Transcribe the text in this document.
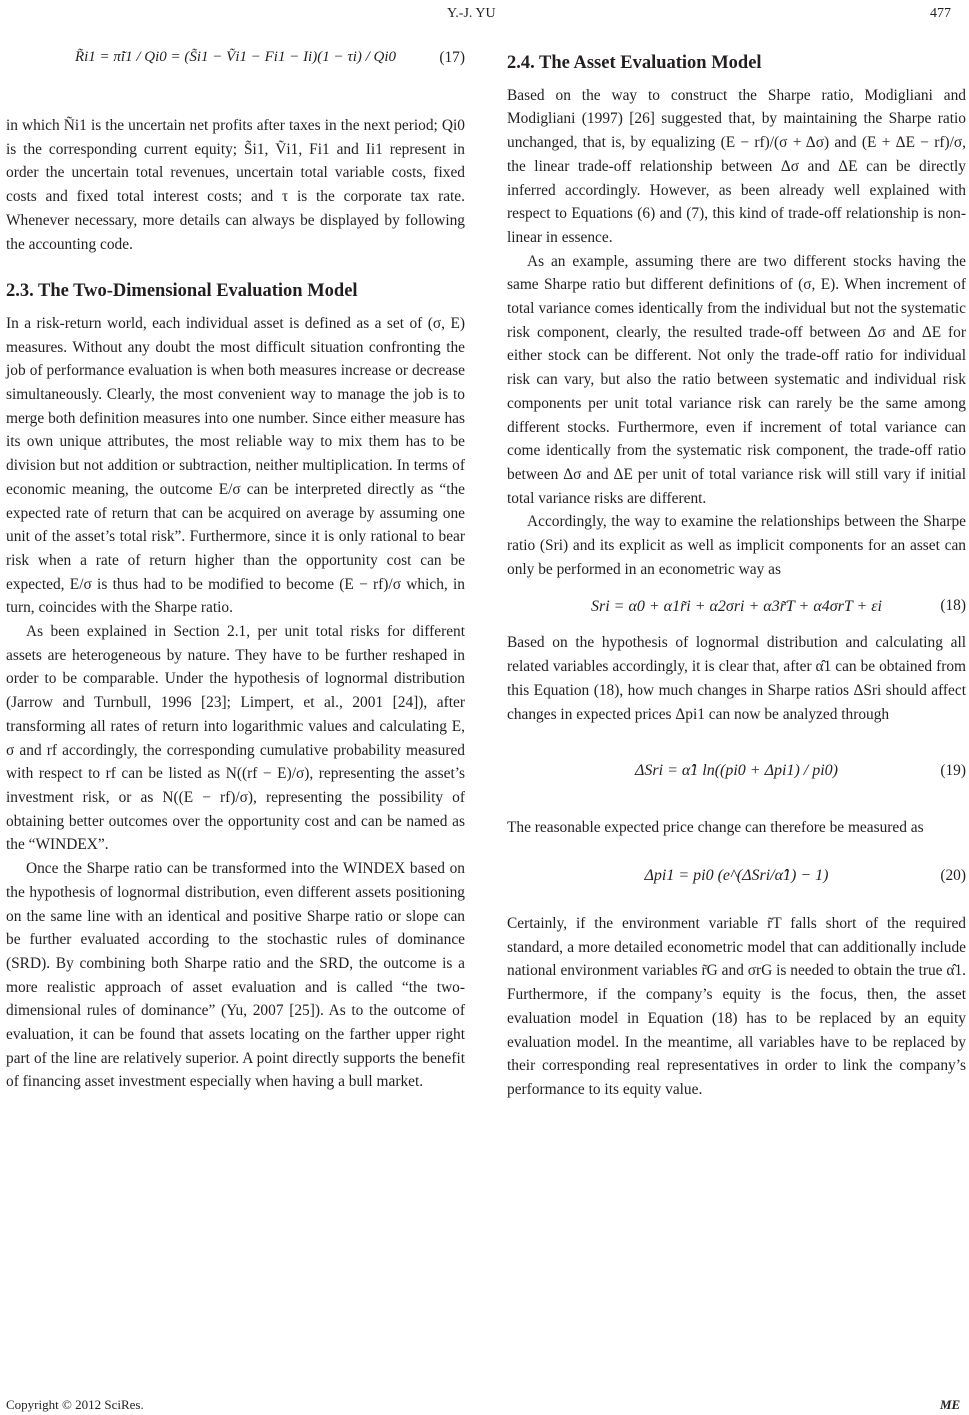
Y.-J. YU	477
R̃i1 = π̃i1 / Qi0 = (S̃i1 − Ṽi1 − Fi1 − Ii)(1 − τi) / Qi0	(17)

in which Ñi1 is the uncertain net profits after taxes in the next period; Qi0 is the corresponding current equity; S̃i1, Ṽi1, Fi1 and Ii1 represent in order the uncertain total revenues, uncertain total variable costs, fixed costs and fixed total interest costs; and τ is the corporate tax rate. Whenever necessary, more details can always be displayed by following the accounting code.

2.3. The Two-Dimensional Evaluation Model

In a risk-return world, each individual asset is defined as a set of (σ, E) measures. Without any doubt the most difficult situation confronting the job of performance evaluation is when both measures increase or decrease simultaneously. Clearly, the most convenient way to manage the job is to merge both definition measures into one number. Since either measure has its own unique attributes, the most reliable way to mix them has to be division but not addition or subtraction, neither multiplication. In terms of economic meaning, the outcome E/σ can be interpreted directly as “the expected rate of return that can be acquired on average by assuming one unit of the asset’s total risk”. Furthermore, since it is only rational to bear risk when a rate of return higher than the opportunity cost can be expected, E/σ is thus had to be modified to become (E − rf)/σ which, in turn, coincides with the Sharpe ratio.

As been explained in Section 2.1, per unit total risks for different assets are heterogeneous by nature. They have to be further reshaped in order to be comparable. Under the hypothesis of lognormal distribution (Jarrow and Turnbull, 1996 [23]; Limpert, et al., 2001 [24]), after transforming all rates of return into logarithmic values and calculating E, σ and rf accordingly, the corresponding cumulative probability measured with respect to rf can be listed as N((rf − E)/σ), representing the asset’s investment risk, or as N((E − rf)/σ), representing the possibility of obtaining better outcomes over the opportunity cost and can be named as the “WINDEX”.

Once the Sharpe ratio can be transformed into the WINDEX based on the hypothesis of lognormal distribution, even different assets positioning on the same line with an identical and positive Sharpe ratio or slope can be further evaluated according to the stochastic rules of dominance (SRD). By combining both Sharpe ratio and the SRD, the outcome is a more realistic approach of asset evaluation and is called “the two-dimensional rules of dominance” (Yu, 2007 [25]). As to the outcome of evaluation, it can be found that assets locating on the farther upper right part of the line are relatively superior. A point directly supports the benefit of financing asset investment especially when having a bull market.

2.4. The Asset Evaluation Model

Based on the way to construct the Sharpe ratio, Modigliani and Modigliani (1997) [26] suggested that, by maintaining the Sharpe ratio unchanged, that is, by equalizing (E − rf)/(σ + Δσ) and (E + ΔE − rf)/σ, the linear trade-off relationship between Δσ and ΔE can be directly inferred accordingly. However, as been already well explained with respect to Equations (6) and (7), this kind of trade-off relationship is non-linear in essence.

As an example, assuming there are two different stocks having the same Sharpe ratio but different definitions of (σ, E). When increment of total variance comes identically from the individual but not the systematic risk component, clearly, the resulted trade-off between Δσ and ΔE for either stock can be different. Not only the trade-off ratio for individual risk can vary, but also the ratio between systematic and individual risk components per unit total variance risk can rarely be the same among different stocks. Furthermore, even if increment of total variance can come identically from the systematic risk component, the trade-off ratio between Δσ and ΔE per unit of total variance risk will still vary if initial total variance risks are different.

Accordingly, the way to examine the relationships between the Sharpe ratio (Sri) and its explicit as well as implicit components for an asset can only be performed in an econometric way as

Sri = α0 + α1r̃i + α2σri + α3r̃T + α4σrT + εi	(18)

Based on the hypothesis of lognormal distribution and calculating all related variables accordingly, it is clear that, after α̂1 can be obtained from this Equation (18), how much changes in Sharpe ratios ΔSri should affect changes in expected prices Δpi1 can now be analyzed through

ΔSri = α̂1 ln((pi0 + Δpi1) / pi0)	(19)

The reasonable expected price change can therefore be measured as

Δpi1 = pi0 (e^(ΔSri/α̂1) − 1)	(20)

Certainly, if the environment variable r̃T falls short of the required standard, a more detailed econometric model that can additionally include national environment variables r̃G and σrG is needed to obtain the true α̂1. Furthermore, if the company’s equity is the focus, then, the asset evaluation model in Equation (18) has to be replaced by an equity evaluation model. In the meantime, all variables have to be replaced by their corresponding real representatives in order to link the company’s performance to its equity value.

Copyright © 2012 SciRes.	ME
